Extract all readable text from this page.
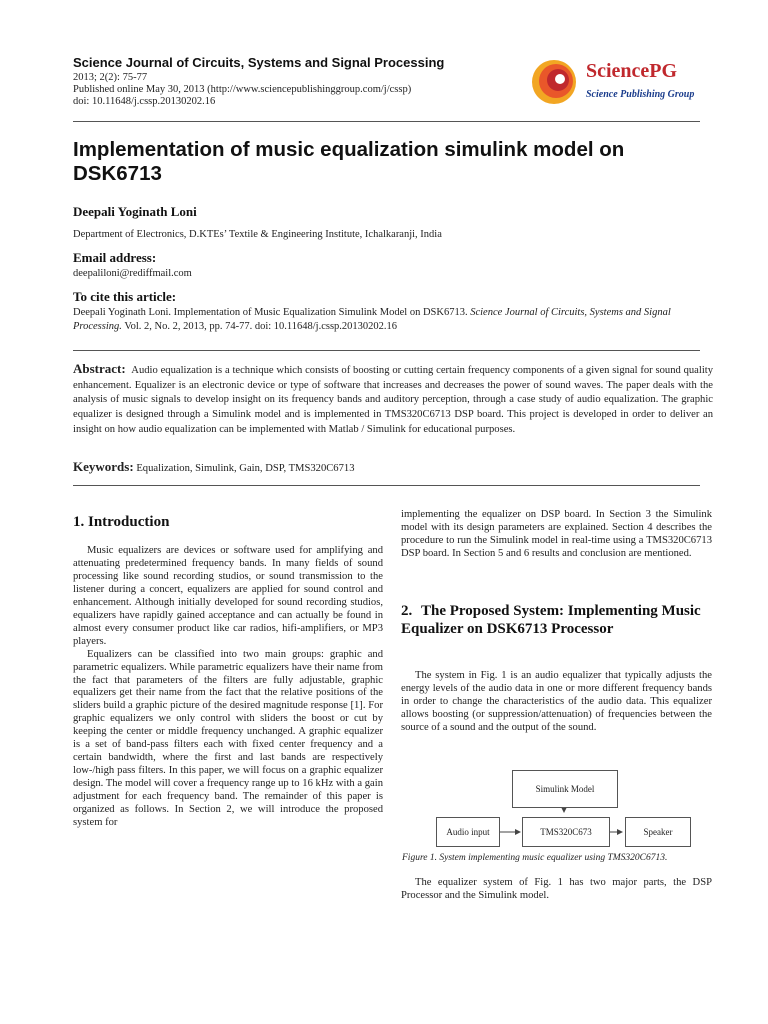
Science Journal of Circuits, Systems and Signal Processing
2013; 2(2): 75-77
Published online May 30, 2013 (http://www.sciencepublishinggroup.com/j/cssp)
doi: 10.11648/j.cssp.20130202.16
SciencePG
Science Publishing Group
Implementation of music equalization simulink model on DSK6713
Deepali Yoginath Loni
Department of Electronics, D.KTEs’ Textile & Engineering Institute, Ichalkaranji, India
Email address:
deepaliloni@rediffmail.com
To cite this article:
Deepali Yoginath Loni. Implementation of Music Equalization Simulink Model on DSK6713. Science Journal of Circuits, Systems and Signal Processing. Vol. 2, No. 2, 2013, pp. 74-77. doi: 10.11648/j.cssp.20130202.16
Abstract: Audio equalization is a technique which consists of boosting or cutting certain frequency components of a given signal for sound quality enhancement. Equalizer is an electronic device or type of software that increases and decreases the power of sound waves. The paper deals with the analysis of music signals to develop insight on its frequency bands and auditory perception, through a case study of audio equalization. The graphic equalizer is designed through a Simulink model and is implemented in TMS320C6713 DSP board. This project is developed in order to deliver an insight on how audio equalization can be implemented with Matlab / Simulink for educational purposes.
Keywords: Equalization, Simulink, Gain, DSP, TMS320C6713
1. Introduction

Music equalizers are devices or software used for amplifying and attenuating predetermined frequency bands. In many fields of sound processing like sound recording studios, or sound transmission to the listener during a concert, equalizers are applied for sound control and enhancement. Although initially developed for sound recording studios, equalizers have rapidly gained acceptance and can actually be found in almost every consumer product like car radios, hifi-amplifiers, or MP3 players.

Equalizers can be classified into two main groups: graphic and parametric equalizers. While parametric equalizers have their name from the fact that parameters of the filters are fully adjustable, graphic equalizers get their name from the fact that the relative positions of the sliders build a graphic picture of the desired magnitude response [1]. For graphic equalizers we only control with sliders the boost or cut by keeping the center or middle frequency unchanged. A graphic equalizer is a set of band-pass filters each with fixed center frequency and a certain bandwidth, where the first and last bands are respectively low-/high pass filters. In this paper, we will focus on a graphic equalizer design. The model will cover a frequency range up to 16 kHz with a gain adjustment for each frequency band. The remainder of this paper is organized as follows. In Section 2, we will introduce the proposed system for

implementing the equalizer on DSP board. In Section 3 the Simulink model with its design parameters are explained. Section 4 describes the procedure to run the Simulink model in real-time using a TMS320C6713 DSP board. In Section 5 and 6 results and conclusion are mentioned.

2. The Proposed System: Implementing Music Equalizer on DSK6713 Processor

The system in Fig. 1 is an audio equalizer that typically adjusts the energy levels of the audio data in one or more different frequency bands in order to change the characteristics of the audio data. This equalizer allows boosting (or suppression/attenuation) of frequencies between the source of a sound and the output of the sound.

Simulink Model
Audio input	TMS320C673	Speaker
Figure 1. System implementing music equalizer using TMS320C6713.

The equalizer system of Fig. 1 has two major parts, the DSP Processor and the Simulink model.
